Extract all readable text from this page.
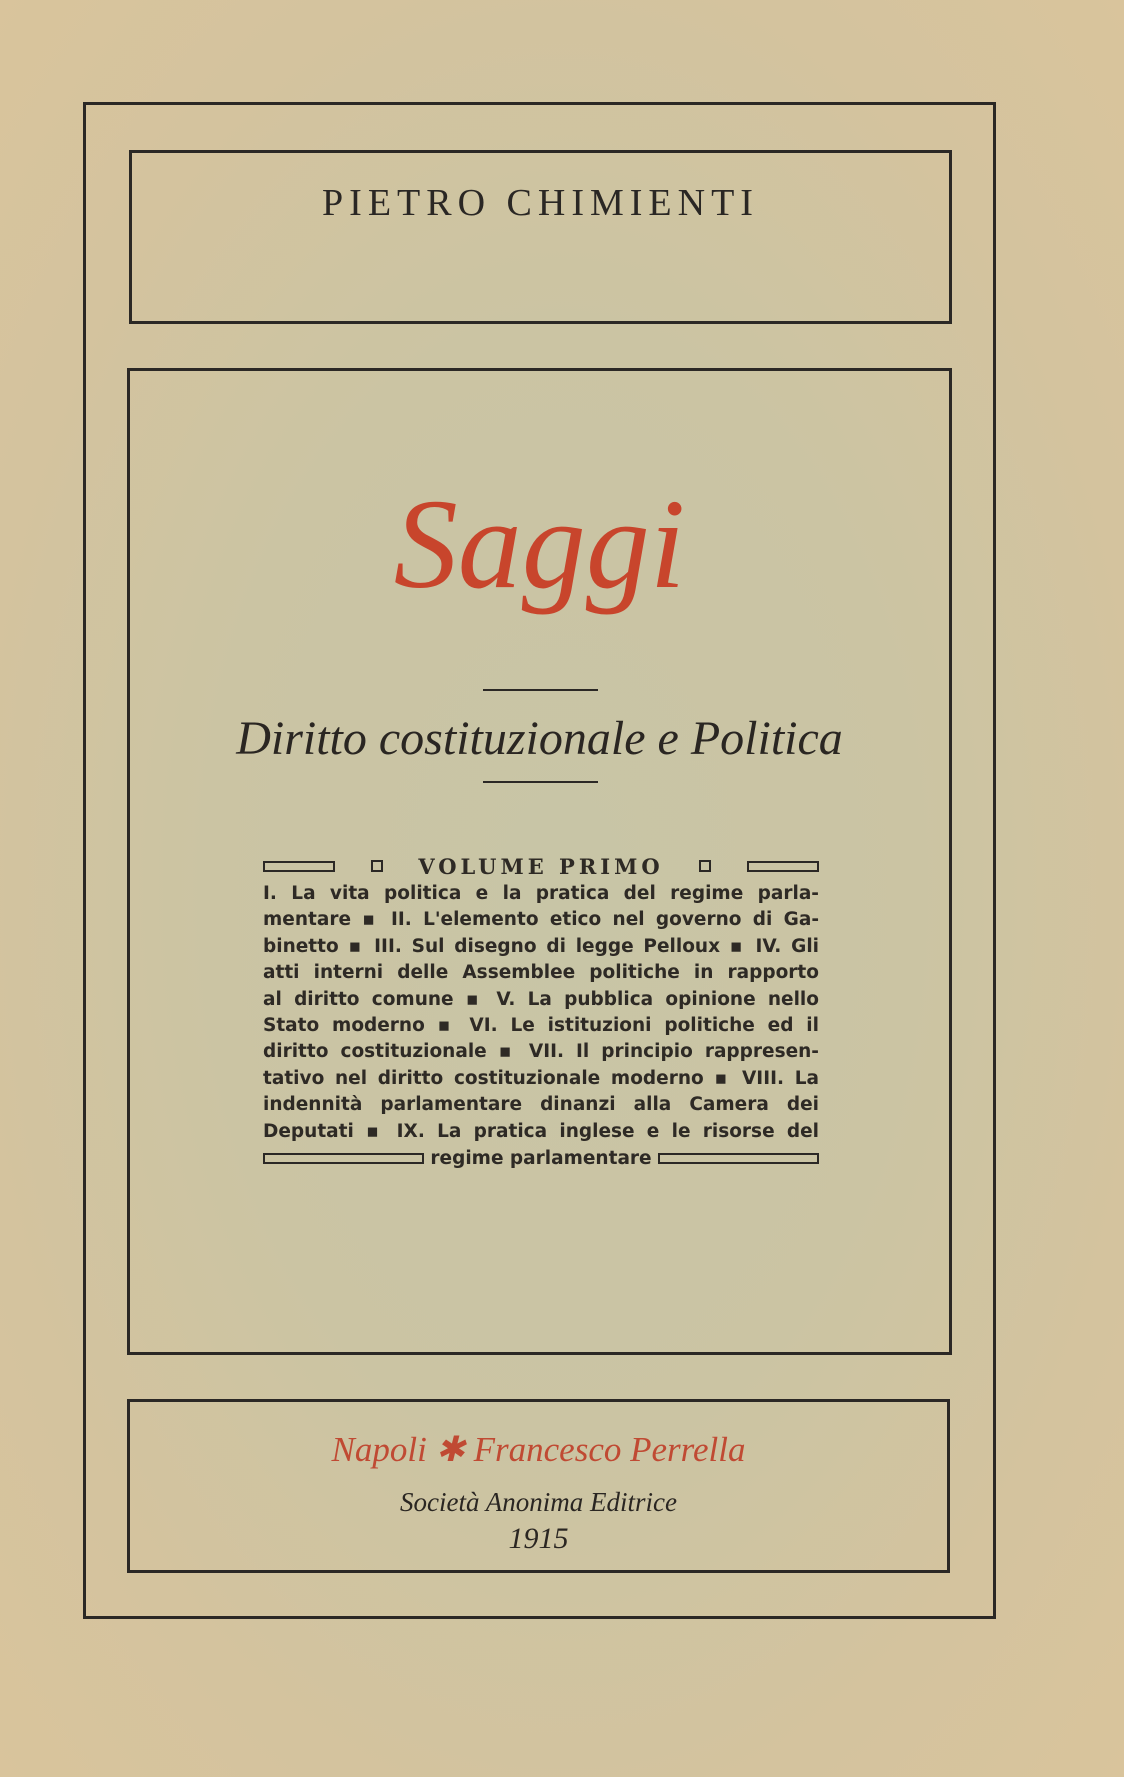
PIETRO CHIMIENTI
Saggi
Diritto costituzionale e Politica
VOLUME PRIMO
I. La vita politica e la pratica del regime parla-
mentare ▪ II. L'elemento etico nel governo di Ga-
binetto ▪ III. Sul disegno di legge Pelloux ▪ IV. Gli
atti interni delle Assemblee politiche in rapporto
al diritto comune ▪ V. La pubblica opinione nello
Stato moderno ▪ VI. Le istituzioni politiche ed il
diritto costituzionale ▪ VII. Il principio rappresen-
tativo nel diritto costituzionale moderno ▪ VIII. La
indennità parlamentare dinanzi alla Camera dei
Deputati ▪ IX. La pratica inglese e le risorse del
regime parlamentare
Napoli ✱ Francesco Perrella
Società Anonima Editrice
1915
